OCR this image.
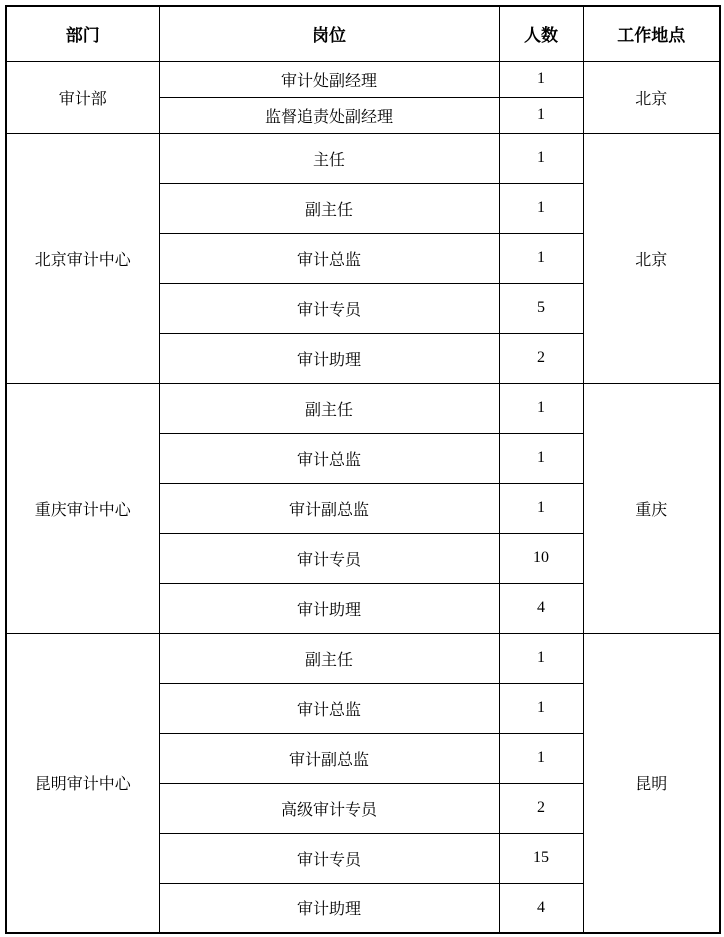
部门	岗位	人数	工作地点
审计部	审计处副经理	1	北京
	监督追责处副经理	1	
北京审计中心	主任	1	北京
	副主任	1	
	审计总监	1	
	审计专员	5	
	审计助理	2	
重庆审计中心	副主任	1	重庆
	审计总监	1	
	审计副总监	1	
	审计专员	10	
	审计助理	4	
昆明审计中心	副主任	1	昆明
	审计总监	1	
	审计副总监	1	
	高级审计专员	2	
	审计专员	15	
	审计助理	4	
